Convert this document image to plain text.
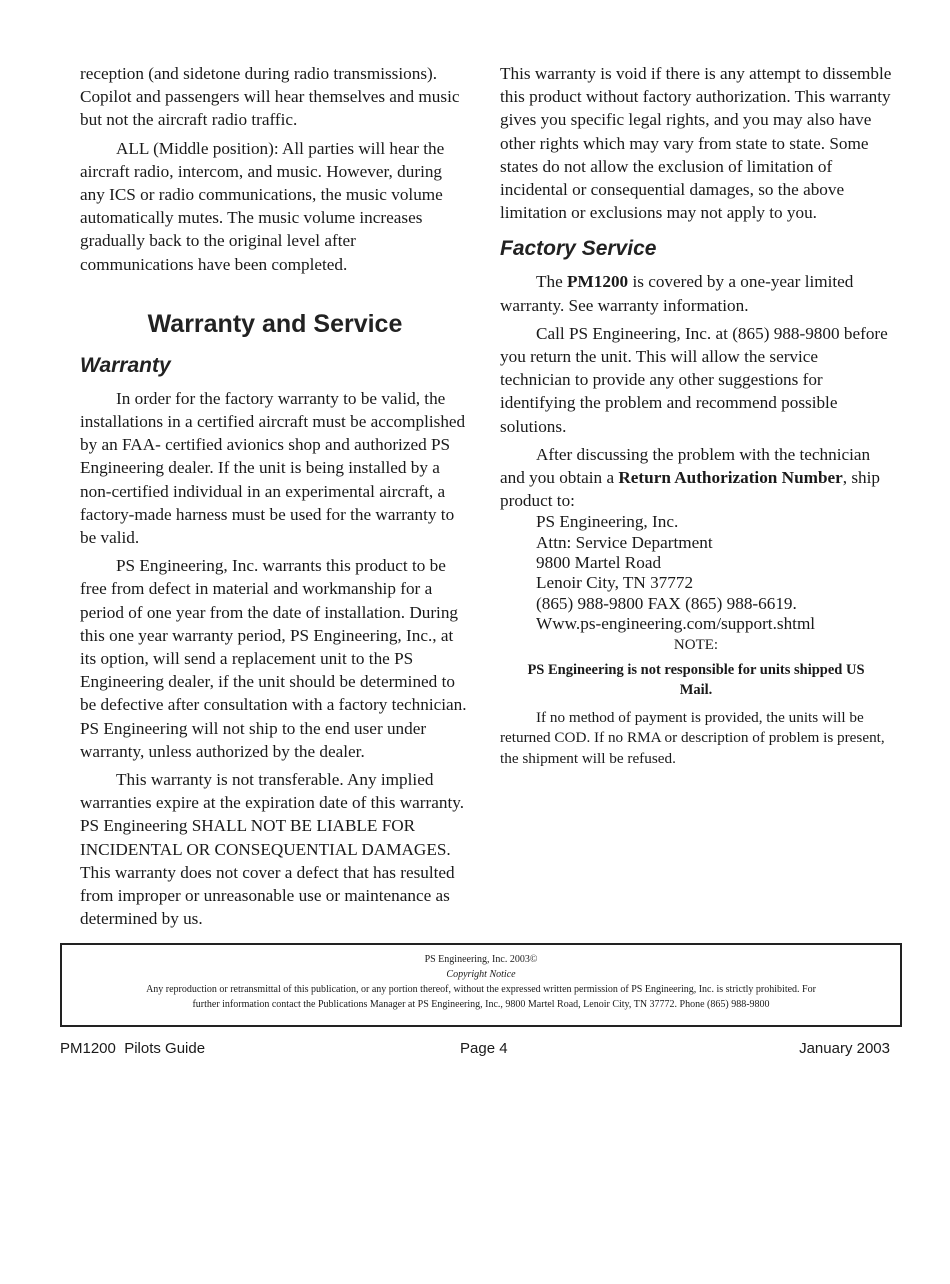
reception (and sidetone during radio transmissions). Copilot and passengers will hear themselves and music but not the aircraft radio traffic.

ALL (Middle position): All parties will hear the aircraft radio, intercom, and music. However, during any ICS or radio communications, the music volume automatically mutes. The music volume increases gradually back to the original level after communications have been completed.

Warranty and Service
Warranty

In order for the factory warranty to be valid, the installations in a certified aircraft must be accomplished by an FAA- certified avionics shop and authorized PS Engineering dealer. If the unit is being installed by a non-certified individual in an experimental aircraft, a factory-made harness must be used for the warranty to be valid.

PS Engineering, Inc. warrants this product to be free from defect in material and workmanship for a period of one year from the date of installation. During this one year warranty period, PS Engineering, Inc., at its option, will send a replacement unit to the PS Engineering dealer, if the unit should be determined to be defective after consultation with a factory technician. PS Engineering will not ship to the end user under warranty, unless authorized by the dealer.

This warranty is not transferable. Any implied warranties expire at the expiration date of this warranty. PS Engineering SHALL NOT BE LIABLE FOR INCIDENTAL OR CONSEQUENTIAL DAMAGES. This warranty does not cover a defect that has resulted from improper or unreasonable use or maintenance as determined by us.

This warranty is void if there is any attempt to dissemble this product without factory authorization. This warranty gives you specific legal rights, and you may also have other rights which may vary from state to state. Some states do not allow the exclusion of limitation of incidental or consequential damages, so the above limitation or exclusions may not apply to you.

Factory Service

The PM1200 is covered by a one-year limited warranty. See warranty information.

Call PS Engineering, Inc. at (865) 988-9800 before you return the unit. This will allow the service technician to provide any other suggestions for identifying the problem and recommend possible solutions.

After discussing the problem with the technician and you obtain a Return Authorization Number, ship product to:

PS Engineering, Inc.
Attn: Service Department
9800 Martel Road
Lenoir City, TN 37772
(865) 988-9800 FAX (865) 988-6619.
Www.ps-engineering.com/support.shtml
NOTE:
PS Engineering is not responsible for units shipped US Mail.

If no method of payment is provided, the units will be returned COD. If no RMA or description of problem is present, the shipment will be refused.

PS Engineering, Inc. 2003©
Copyright Notice
Any reproduction or retransmittal of this publication, or any portion thereof, without the expressed written permission of PS Engineering, Inc. is strictly prohibited. For
further information contact the Publications Manager at PS Engineering, Inc., 9800 Martel Road, Lenoir City, TN 37772. Phone (865) 988-9800
PM1200  Pilots Guide	Page 4	January 2003
